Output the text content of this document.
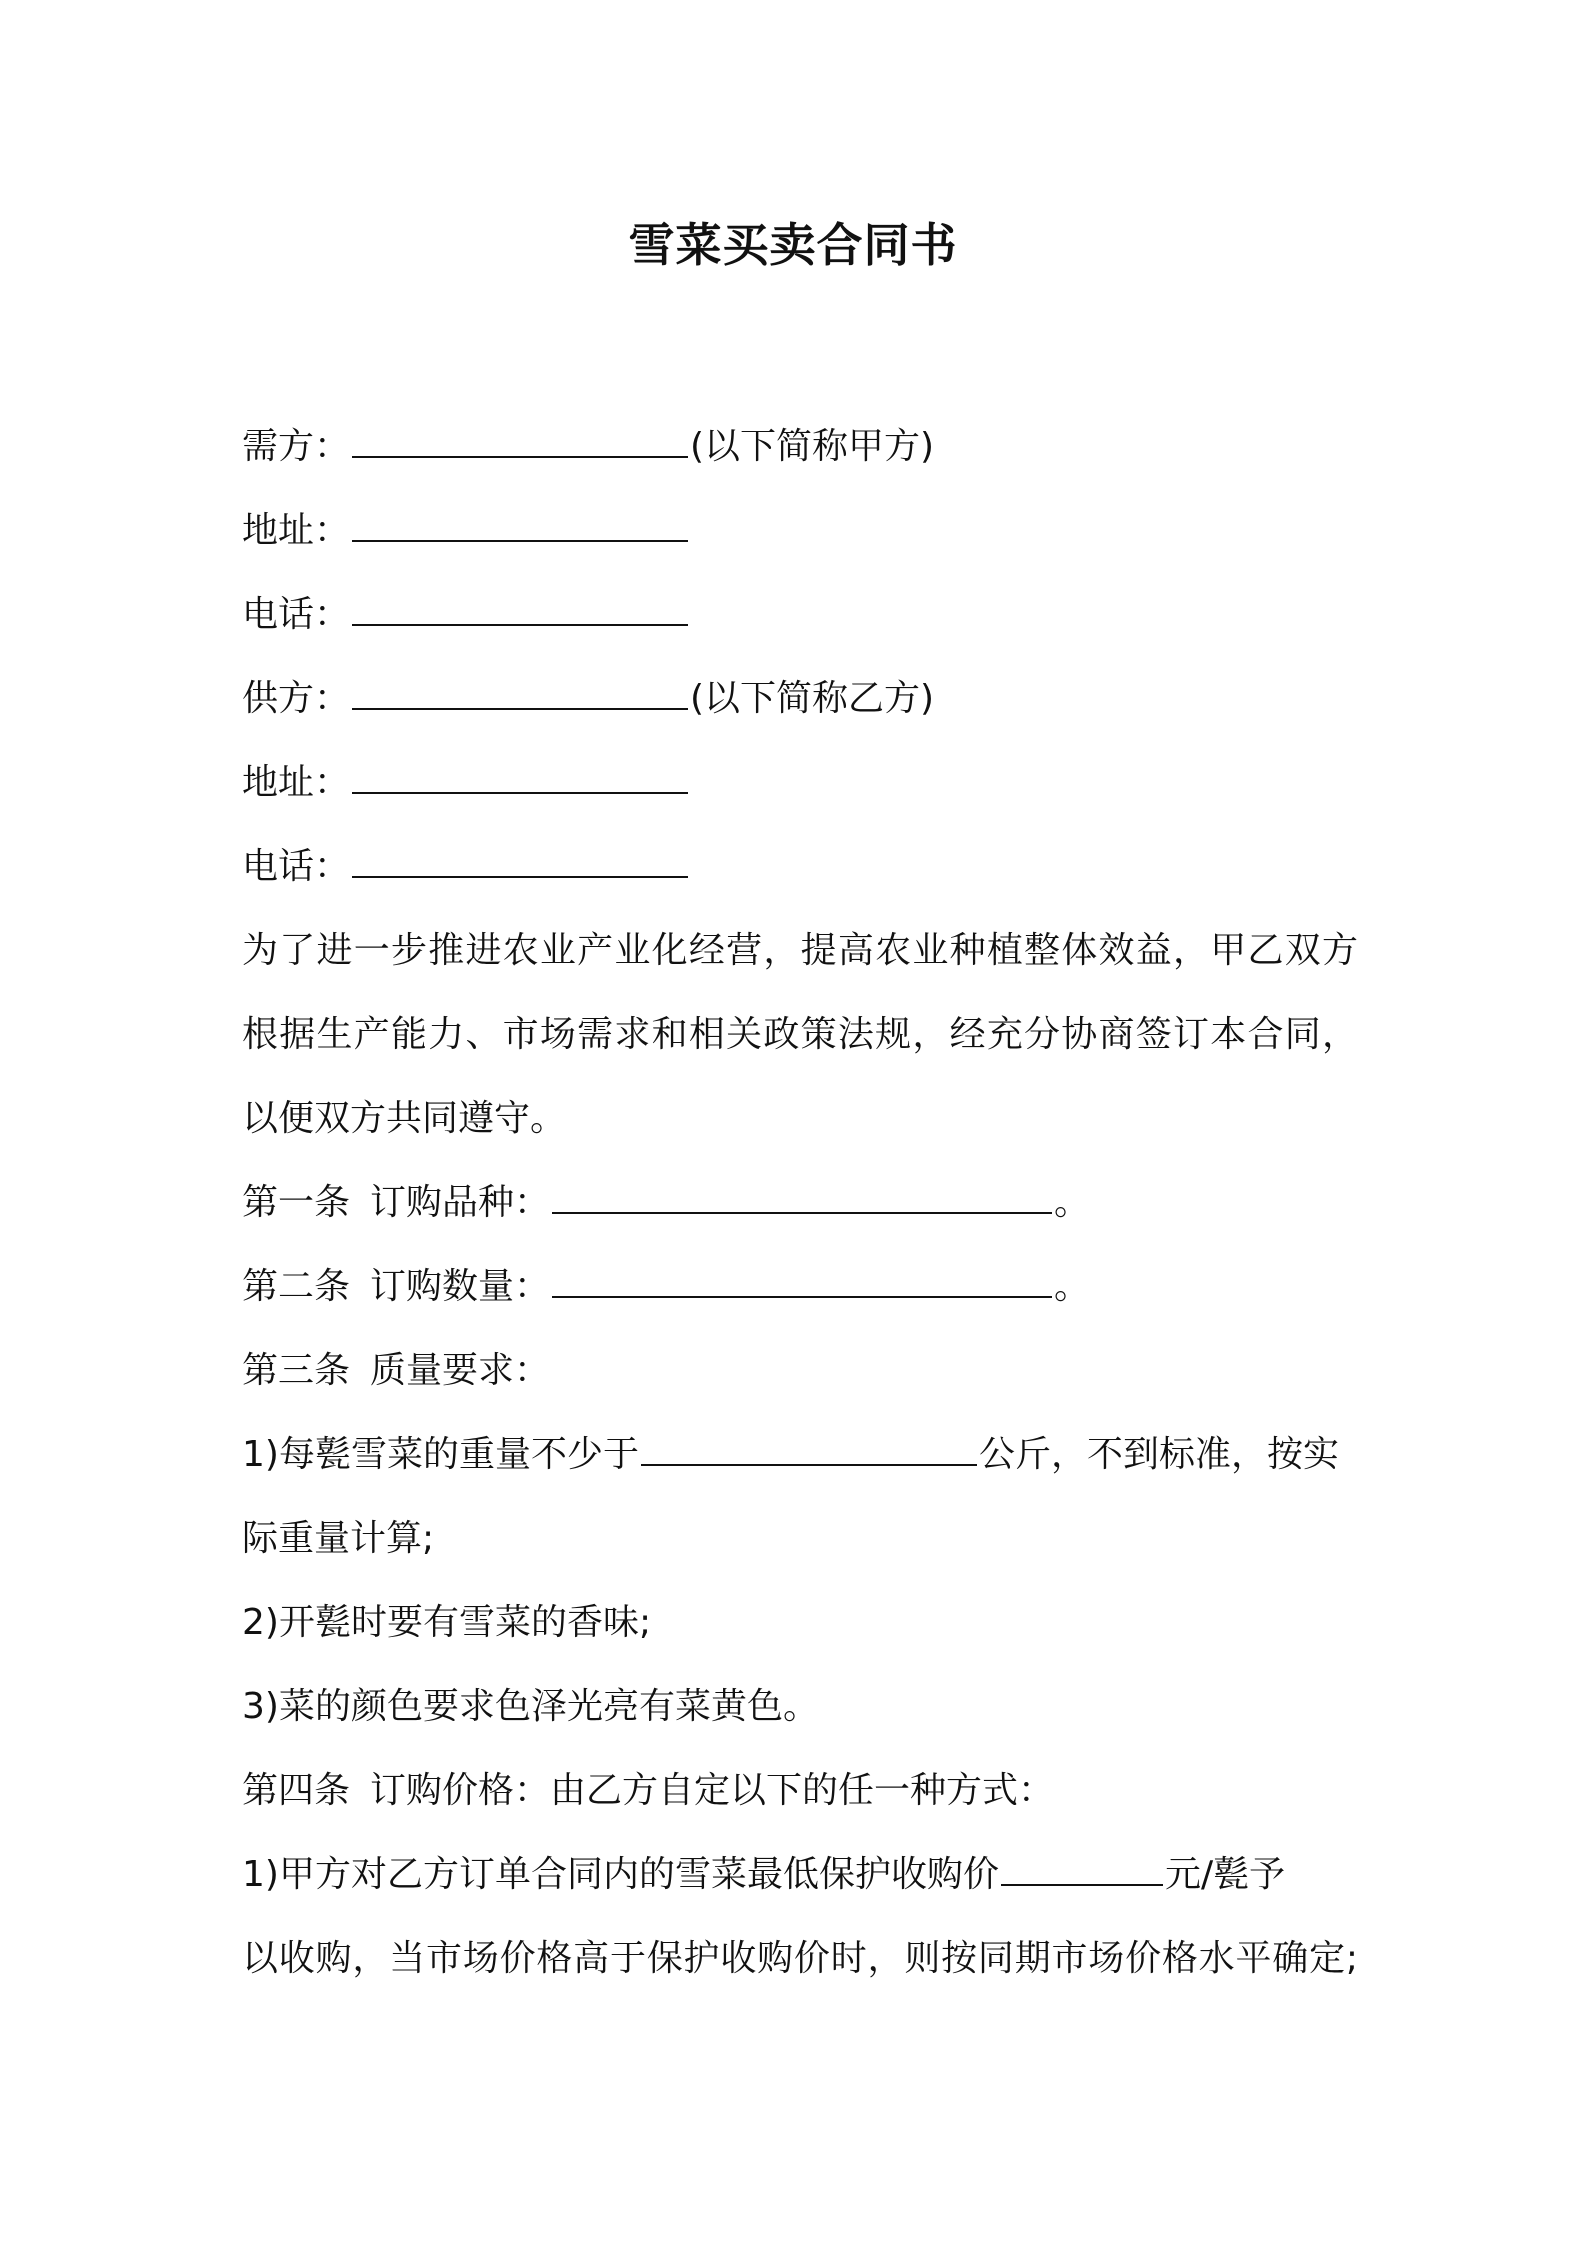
雪菜买卖合同书
需方：	(以下简称甲方)
地址：
电话：
供方：	(以下简称乙方)
地址：
电话：
为了进一步推进农业产业化经营，提高农业种植整体效益，甲乙双方
根据生产能力、市场需求和相关政策法规，经充分协商签订本合同，
以便双方共同遵守。
第一条 订购品种：	。
第二条 订购数量：	。
第三条 质量要求：
1)每甏雪菜的重量不少于	公斤，不到标准，按实
际重量计算;
2)开甏时要有雪菜的香味;
3)菜的颜色要求色泽光亮有菜黄色。
第四条 订购价格：由乙方自定以下的任一种方式：
1)甲方对乙方订单合同内的雪菜最低保护收购价	元/甏予
以收购，当市场价格高于保护收购价时，则按同期市场价格水平确定;
